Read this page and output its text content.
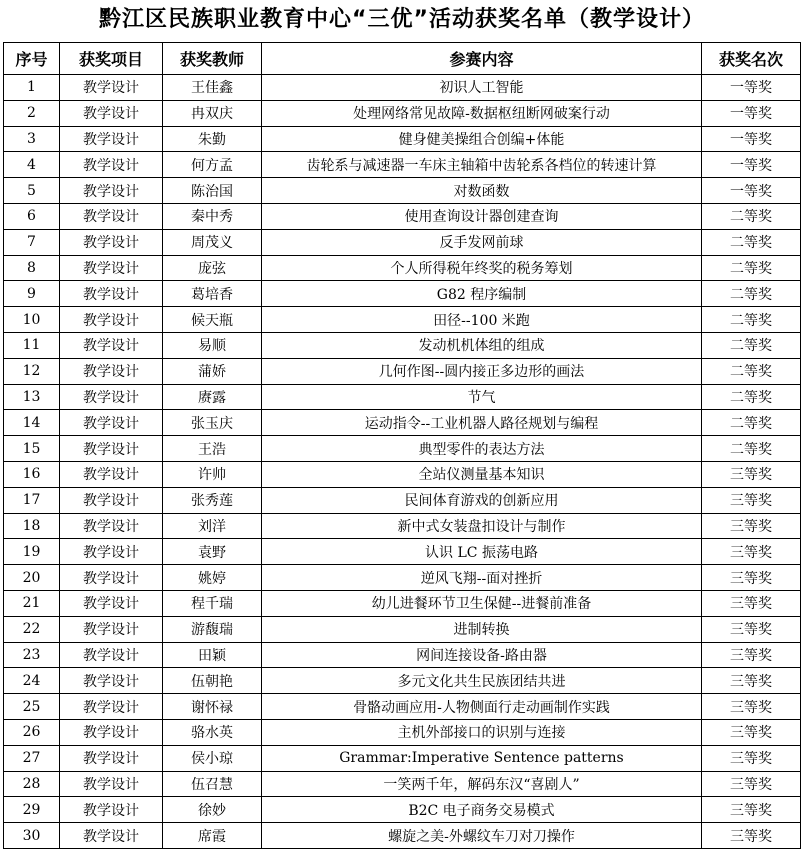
黔江区民族职业教育中心“三优”活动获奖名单（教学设计）
序号	获奖项目	获奖教师	参赛内容	获奖名次
1	教学设计	王佳鑫	初识人工智能	一等奖
2	教学设计	冉双庆	处理网络常见故障-数据枢纽断网破案行动	一等奖
3	教学设计	朱勤	健身健美操组合创编+体能	一等奖
4	教学设计	何方孟	齿轮系与减速器一车床主轴箱中齿轮系各档位的转速计算	一等奖
5	教学设计	陈治国	对数函数	一等奖
6	教学设计	秦中秀	使用查询设计器创建查询	二等奖
7	教学设计	周茂义	反手发网前球	二等奖
8	教学设计	庞弦	个人所得税年终奖的税务筹划	二等奖
9	教学设计	葛培香	G82 程序编制	二等奖
10	教学设计	候天瓶	田径--100 米跑	二等奖
11	教学设计	易顺	发动机机体组的组成	二等奖
12	教学设计	蒲娇	几何作图--圆内接正多边形的画法	二等奖
13	教学设计	赓露	节气	二等奖
14	教学设计	张玉庆	运动指令--工业机器人路径规划与编程	二等奖
15	教学设计	王浩	典型零件的表达方法	二等奖
16	教学设计	许帅	全站仪测量基本知识	三等奖
17	教学设计	张秀莲	民间体育游戏的创新应用	三等奖
18	教学设计	刘洋	新中式女装盘扣设计与制作	三等奖
19	教学设计	袁野	认识 LC 振荡电路	三等奖
20	教学设计	姚婷	逆风飞翔--面对挫折	三等奖
21	教学设计	程千瑞	幼儿进餐环节卫生保健--进餐前准备	三等奖
22	教学设计	游馥瑞	进制转换	三等奖
23	教学设计	田颖	网间连接设备-路由器	三等奖
24	教学设计	伍朝艳	多元文化共生民族团结共进	三等奖
25	教学设计	谢怀禄	骨骼动画应用-人物侧面行走动画制作实践	三等奖
26	教学设计	骆水英	主机外部接口的识别与连接	三等奖
27	教学设计	侯小琼	Grammar:Imperative Sentence patterns	三等奖
28	教学设计	伍召慧	一笑两千年，解码东汉“喜剧人”	三等奖
29	教学设计	徐妙	B2C 电子商务交易模式	三等奖
30	教学设计	席霞	螺旋之美-外螺纹车刀对刀操作	三等奖
